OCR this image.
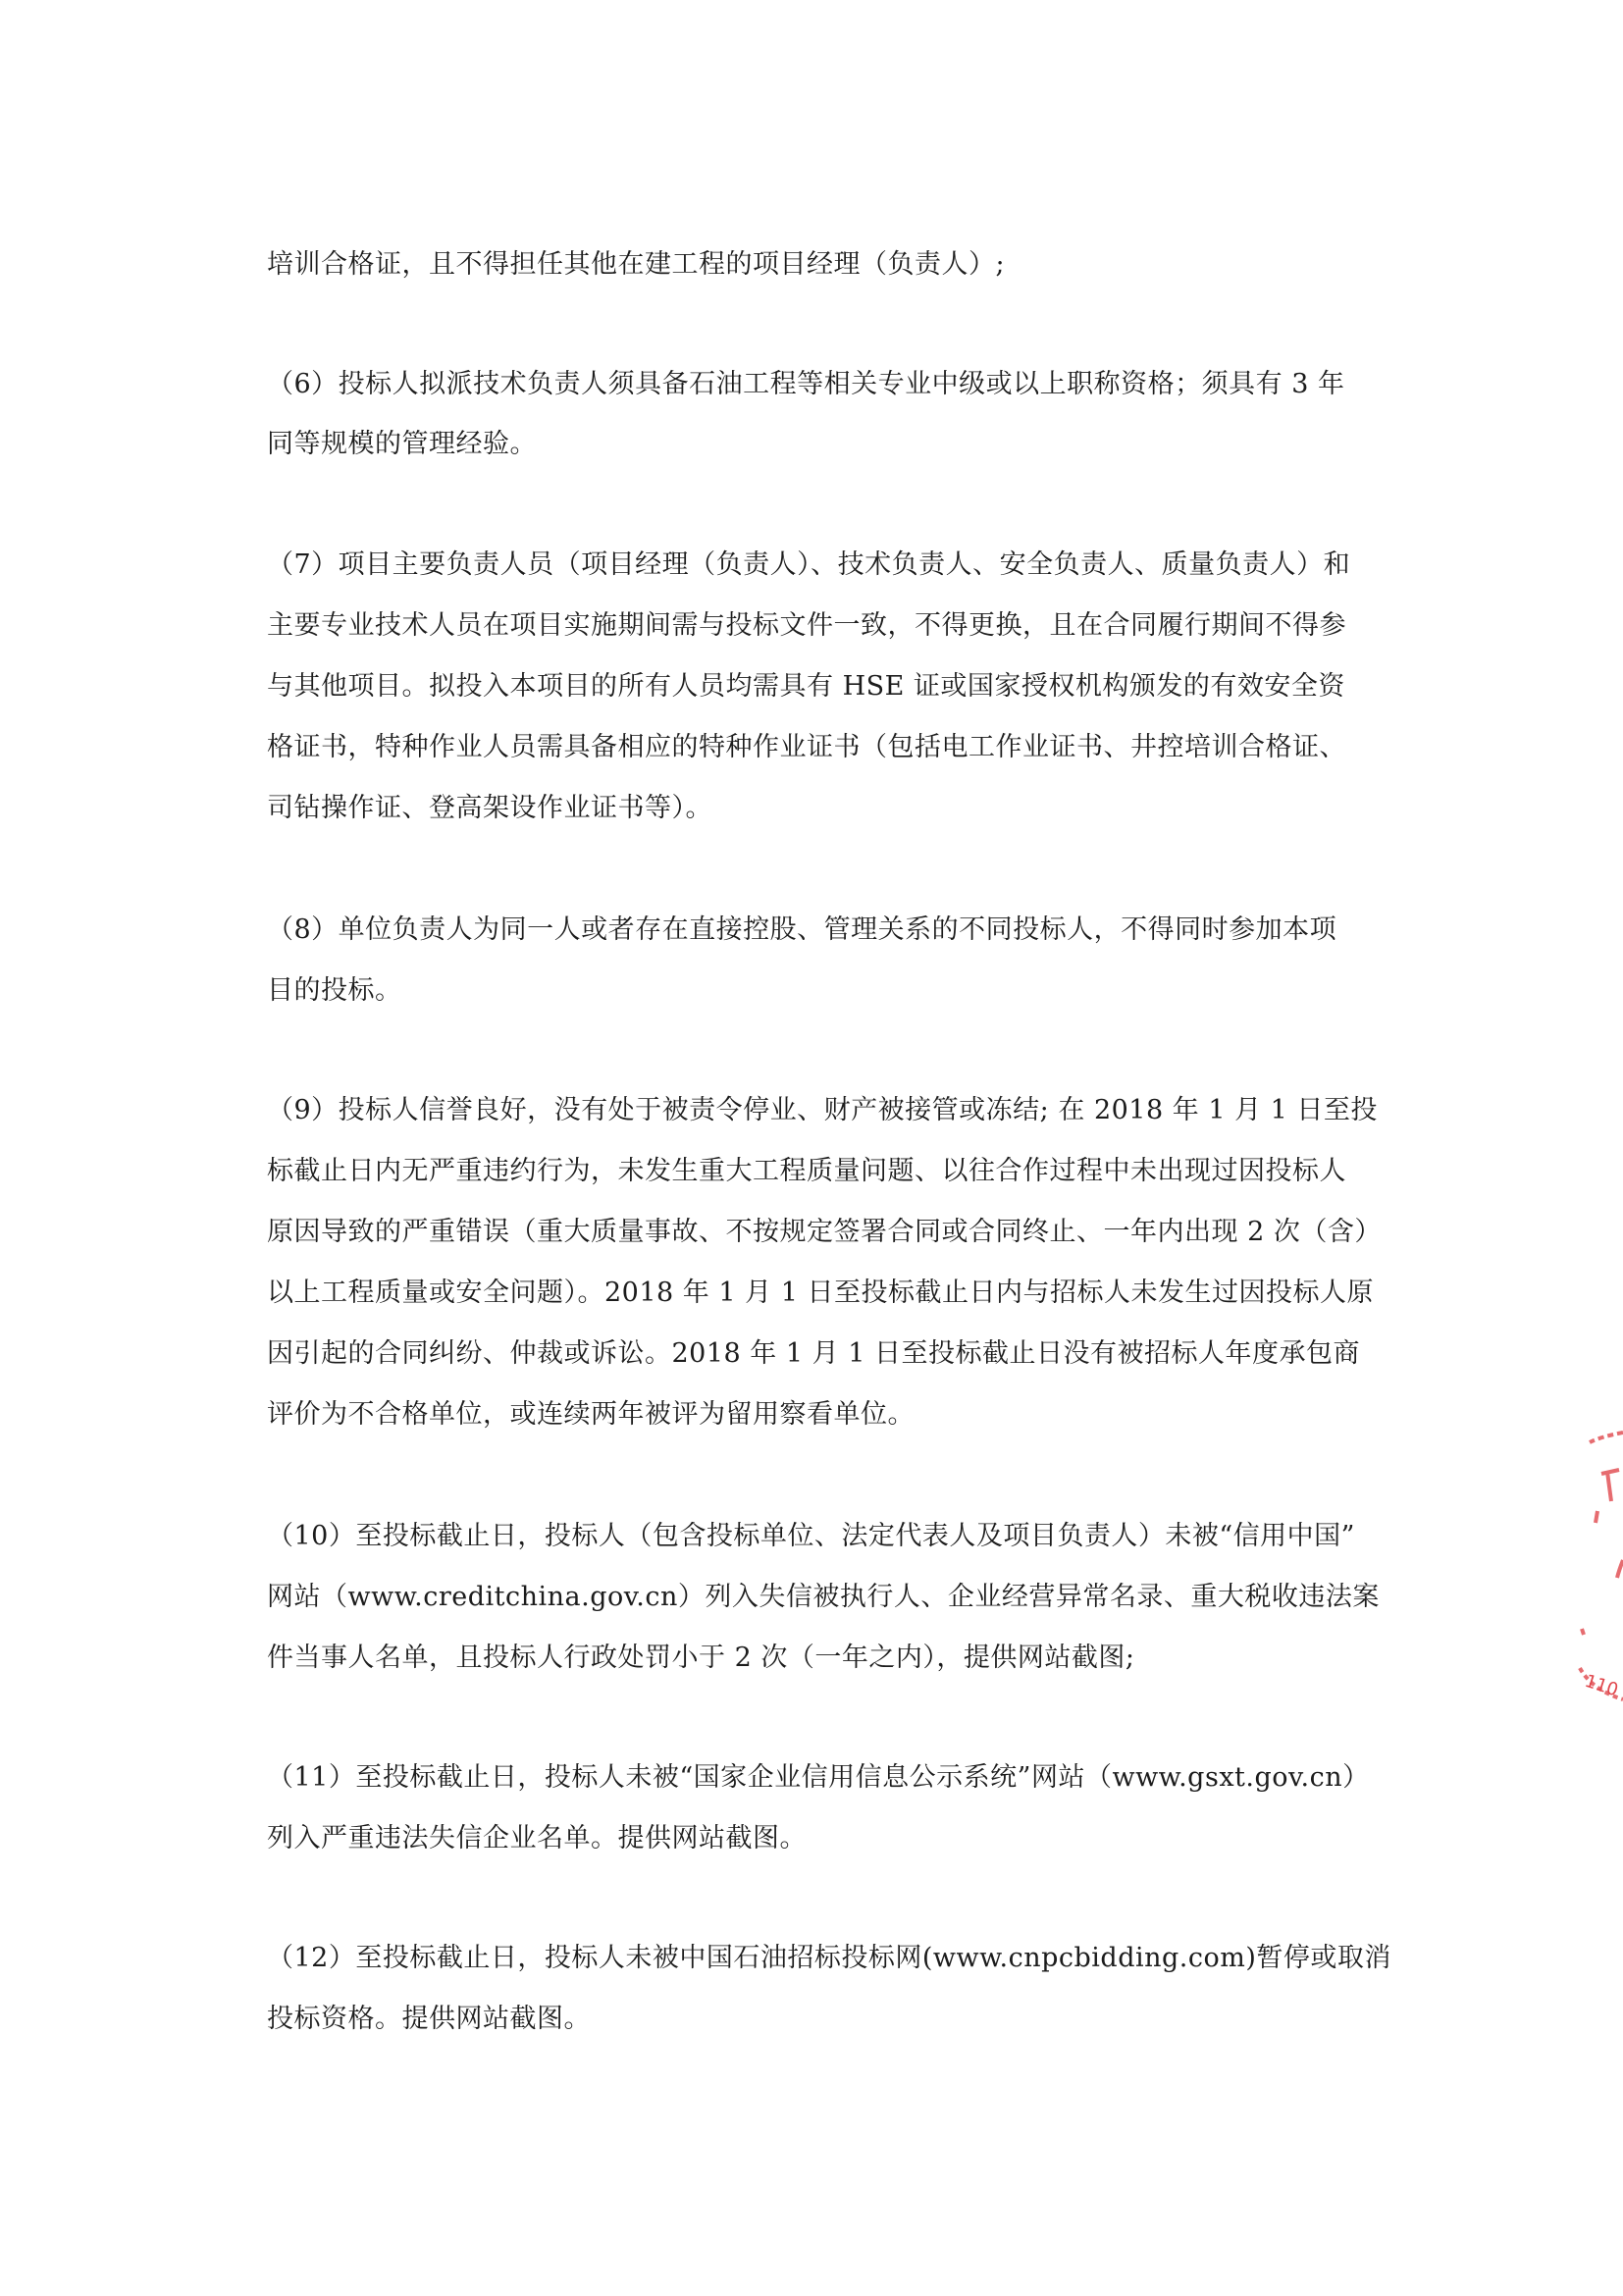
培训合格证，且不得担任其他在建工程的项目经理（负责人）;

（6）投标人拟派技术负责人须具备石油工程等相关专业中级或以上职称资格；须具有 3 年

同等规模的管理经验。

（7）项目主要负责人员（项目经理（负责人）、技术负责人、安全负责人、质量负责人）和

主要专业技术人员在项目实施期间需与投标文件一致，不得更换，且在合同履行期间不得参

与其他项目。拟投入本项目的所有人员均需具有 HSE 证或国家授权机构颁发的有效安全资

格证书，特种作业人员需具备相应的特种作业证书（包括电工作业证书、井控培训合格证、

司钻操作证、登高架设作业证书等）。

（8）单位负责人为同一人或者存在直接控股、管理关系的不同投标人，不得同时参加本项

目的投标。

（9）投标人信誉良好，没有处于被责令停业、财产被接管或冻结; 在 2018 年 1 月 1 日至投

标截止日内无严重违约行为，未发生重大工程质量问题、以往合作过程中未出现过因投标人

原因导致的严重错误（重大质量事故、不按规定签署合同或合同终止、一年内出现 2 次（含）

以上工程质量或安全问题）。2018 年 1 月 1 日至投标截止日内与招标人未发生过因投标人原

因引起的合同纠纷、仲裁或诉讼。2018 年 1 月 1 日至投标截止日没有被招标人年度承包商

评价为不合格单位，或连续两年被评为留用察看单位。

（10）至投标截止日，投标人（包含投标单位、法定代表人及项目负责人）未被“信用中国”

网站（www.creditchina.gov.cn）列入失信被执行人、企业经营异常名录、重大税收违法案

件当事人名单，且投标人行政处罚小于 2 次（一年之内），提供网站截图;

（11）至投标截止日，投标人未被“国家企业信用信息公示系统”网站（www.gsxt.gov.cn）

列入严重违法失信企业名单。提供网站截图。

（12）至投标截止日，投标人未被中国石油招标投标网(www.cnpcbidding.com)暂停或取消

投标资格。提供网站截图。

110
